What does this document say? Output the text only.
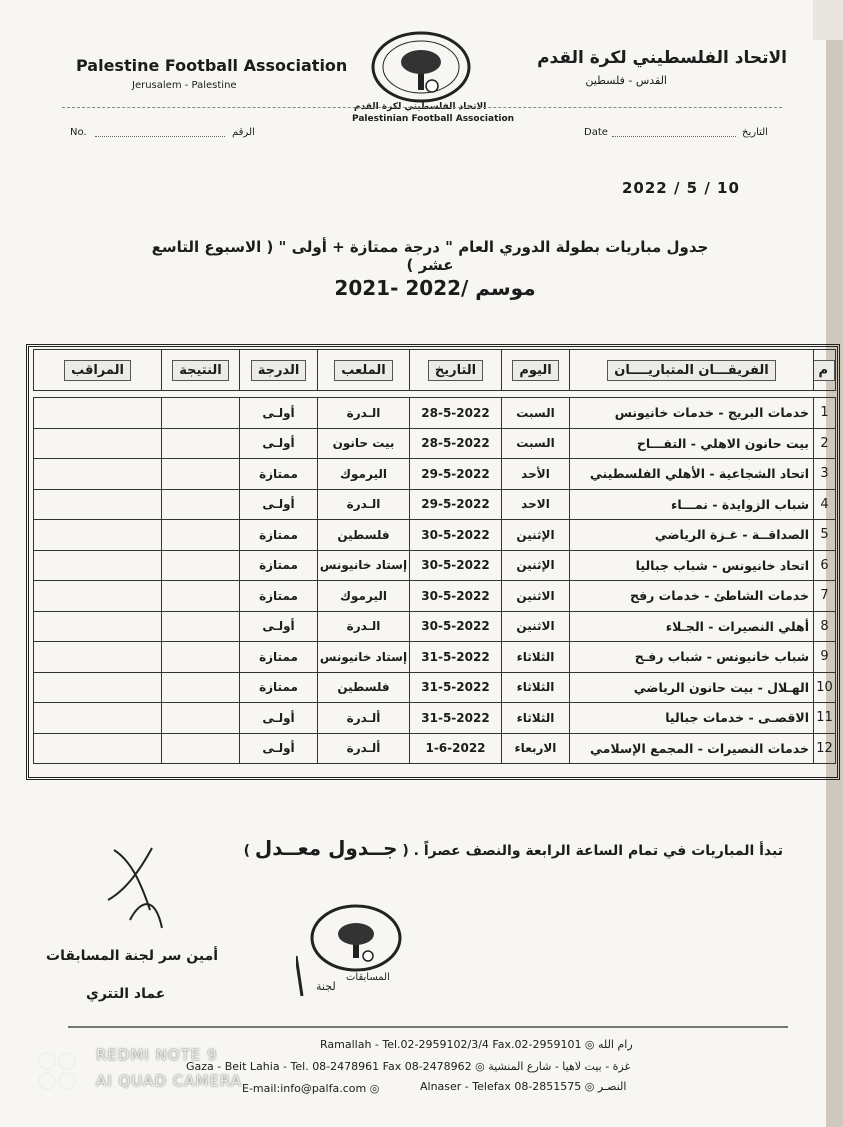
Palestine Football Association
Jerusalem - Palestine
الاتحاد الفلسطيني لكرة القدم
القدس - فلسطين
الاتحاد الفلسطيني لكرة القدم
Palestinian Football Association
No.	الرقم	Date	التاريخ
2022 / 5 / 10
جدول مباريات بطولة الدوري العام " درجة ممتازة + أولى " ( الاسبوع التاسع عشر )
موسم /2022 -2021
م	الفريقـــان المتباريــــان	اليوم	التاريخ	الملعب	الدرجة	النتيجة	المراقب

1	خدمات البريج - خدمات خانيونس	السبت	28-5-2022	الـدرة	أولـى		
2	بيت حانون الاهلي - التفـــاح	السبت	28-5-2022	بيت حانون	أولـى		
3	اتحاد الشجاعية - الأهلي الفلسطيني	الأحد	29-5-2022	اليرموك	ممتازة		
4	شباب الزوايدة - نمـــاء	الاحد	29-5-2022	الـدرة	أولـى		
5	الصداقــة - غـزة الرياضي	الإثنين	30-5-2022	فلسطين	ممتازة		
6	اتحاد خانيونس - شباب جباليا	الإثنين	30-5-2022	إستاد خانيونس	ممتازة		
7	خدمات الشاطئ - خدمات رفح	الاثنين	30-5-2022	اليرموك	ممتازة		
8	أهلي النصيرات - الجـلاء	الاثنين	30-5-2022	الـدرة	أولـى		
9	شباب خانيونس - شباب رفـح	الثلاثاء	31-5-2022	إستاد خانيونس	ممتازة		
10	الهـلال - بيت حانون الرياضي	الثلاثاء	31-5-2022	فلسطين	ممتازة		
11	الاقصـى - خدمات جباليا	الثلاثاء	31-5-2022	ألـدرة	أولـى		
12	خدمات النصيرات - المجمع الإسلامي	الاربعاء	1-6-2022	ألـدرة	أولـى		
تبدأ المباريات في تمام الساعة الرابعة والنصف عصراً . ( جــدول معــدل )
أمين سر لجنة المسابقات
عماد التتري	لجنة
المسابقات
Ramallah - Tel.02-2959102/3/4 Fax.02-2959101 ◎ رام الله
Gaza - Beit Lahia - Tel. 08-2478961 Fax 08-2478962 ◎ غزة - بيت لاهيا - شارع المنشية
E-mail:info@palfa.com ◎	Alnaser - Telefax 08-2851575 ◎ النصـر
REDMI NOTE 9
AI QUAD CAMERA
